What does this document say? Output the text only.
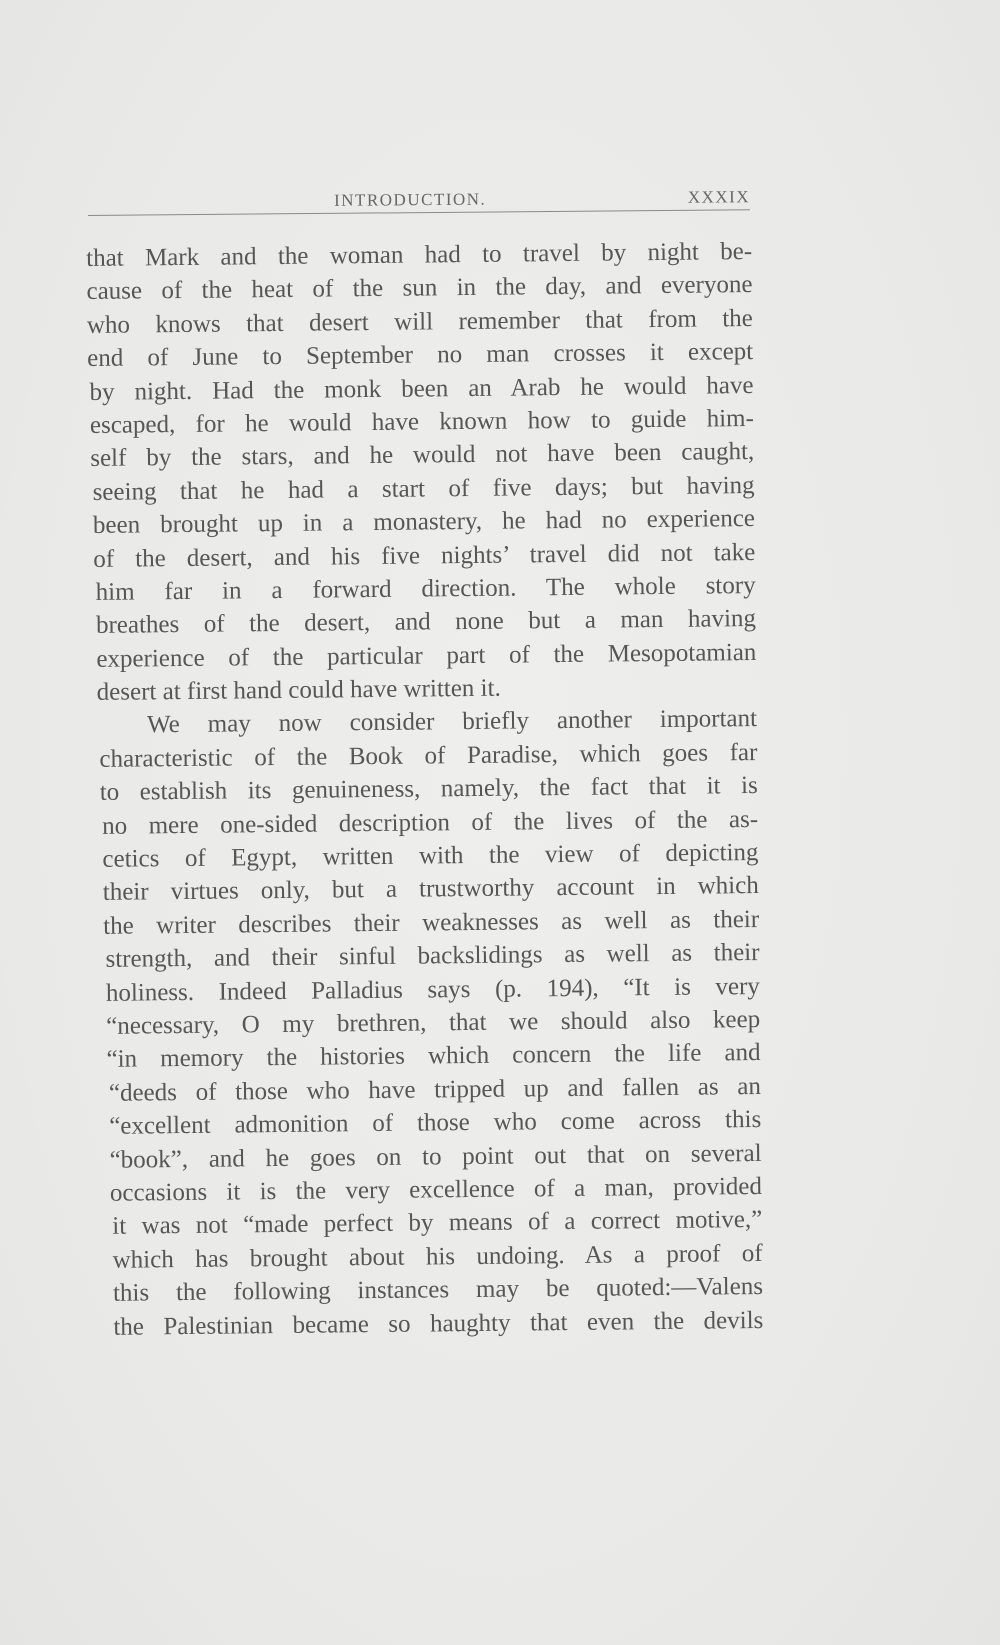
INTRODUCTION.	XXXIX
that Mark and the woman had to travel by night be-
cause of the heat of the sun in the day, and everyone
who knows that desert will remember that from the
end of June to September no man crosses it except
by night. Had the monk been an Arab he would have
escaped, for he would have known how to guide him-
self by the stars, and he would not have been caught,
seeing that he had a start of five days; but having
been brought up in a monastery, he had no experience
of the desert, and his five nights’ travel did not take
him far in a forward direction. The whole story
breathes of the desert, and none but a man having
experience of the particular part of the Mesopotamian
desert at first hand could have written it.
We may now consider briefly another important
characteristic of the Book of Paradise, which goes far
to establish its genuineness, namely, the fact that it is
no mere one-sided description of the lives of the as-
cetics of Egypt, written with the view of depicting
their virtues only, but a trustworthy account in which
the writer describes their weaknesses as well as their
strength, and their sinful backslidings as well as their
holiness. Indeed Palladius says (p. 194), “It is very
“necessary, O my brethren, that we should also keep
“in memory the histories which concern the life and
“deeds of those who have tripped up and fallen as an
“excellent admonition of those who come across this
“book”, and he goes on to point out that on several
occasions it is the very excellence of a man, provided
it was not “made perfect by means of a correct motive,”
which has brought about his undoing. As a proof of
this the following instances may be quoted:—Valens
the Palestinian became so haughty that even the devils
